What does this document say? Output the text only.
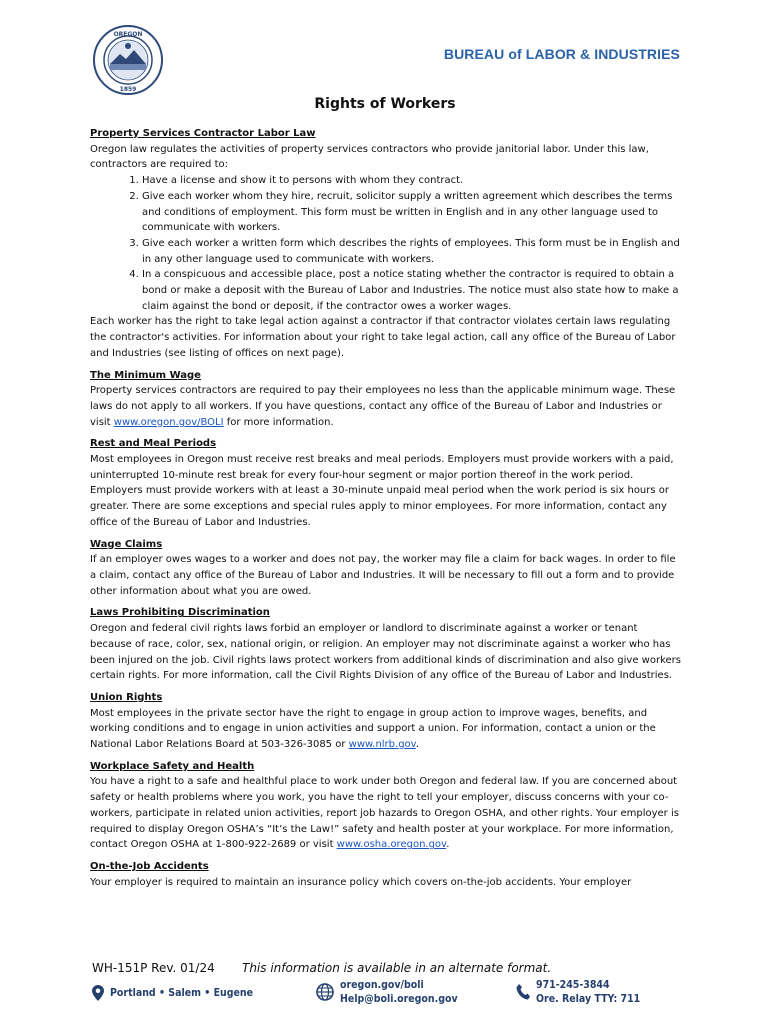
OREGON
1859
BUREAU of LABOR & INDUSTRIES
Rights of Workers

Property Services Contractor Labor Law

Oregon law regulates the activities of property services contractors who provide janitorial labor. Under this law, contractors are required to:

1. Have a license and show it to persons with whom they contract.
2. Give each worker whom they hire, recruit, solicitor supply a written agreement which describes the terms and conditions of employment. This form must be written in English and in any other language used to communicate with workers.
3. Give each worker a written form which describes the rights of employees. This form must be in English and in any other language used to communicate with workers.
4. In a conspicuous and accessible place, post a notice stating whether the contractor is required to obtain a bond or make a deposit with the Bureau of Labor and Industries. The notice must also state how to make a claim against the bond or deposit, if the contractor owes a worker wages.

Each worker has the right to take legal action against a contractor if that contractor violates certain laws regulating the contractor's activities. For information about your right to take legal action, call any office of the Bureau of Labor and Industries (see listing of offices on next page).

The Minimum Wage

Property services contractors are required to pay their employees no less than the applicable minimum wage. These laws do not apply to all workers. If you have questions, contact any office of the Bureau of Labor and Industries or visit www.oregon.gov/BOLI for more information.

Rest and Meal Periods

Most employees in Oregon must receive rest breaks and meal periods. Employers must provide workers with a paid, uninterrupted 10-minute rest break for every four-hour segment or major portion thereof in the work period. Employers must provide workers with at least a 30-minute unpaid meal period when the work period is six hours or greater. There are some exceptions and special rules apply to minor employees. For more information, contact any office of the Bureau of Labor and Industries.

Wage Claims

If an employer owes wages to a worker and does not pay, the worker may file a claim for back wages. In order to file a claim, contact any office of the Bureau of Labor and Industries. It will be necessary to fill out a form and to provide other information about what you are owed.

Laws Prohibiting Discrimination

Oregon and federal civil rights laws forbid an employer or landlord to discriminate against a worker or tenant because of race, color, sex, national origin, or religion. An employer may not discriminate against a worker who has been injured on the job. Civil rights laws protect workers from additional kinds of discrimination and also give workers certain rights. For more information, call the Civil Rights Division of any office of the Bureau of Labor and Industries.

Union Rights

Most employees in the private sector have the right to engage in group action to improve wages, benefits, and working conditions and to engage in union activities and support a union. For information, contact a union or the National Labor Relations Board at 503-326-3085 or www.nlrb.gov.

Workplace Safety and Health

You have a right to a safe and healthful place to work under both Oregon and federal law. If you are concerned about safety or health problems where you work, you have the right to tell your employer, discuss concerns with your co-workers, participate in related union activities, report job hazards to Oregon OSHA, and other rights. Your employer is required to display Oregon OSHA’s “It’s the Law!” safety and health poster at your workplace. For more information, contact Oregon OSHA at 1-800-922-2689 or visit www.osha.oregon.gov.

On-the-Job Accidents

Your employer is required to maintain an insurance policy which covers on-the-job accidents. Your employer

WH-151P Rev. 01/24 This information is available in an alternate format.
Portland • Salem • Eugene
oregon.gov/boli
Help@boli.oregon.gov
971-245-3844
Ore. Relay TTY: 711
